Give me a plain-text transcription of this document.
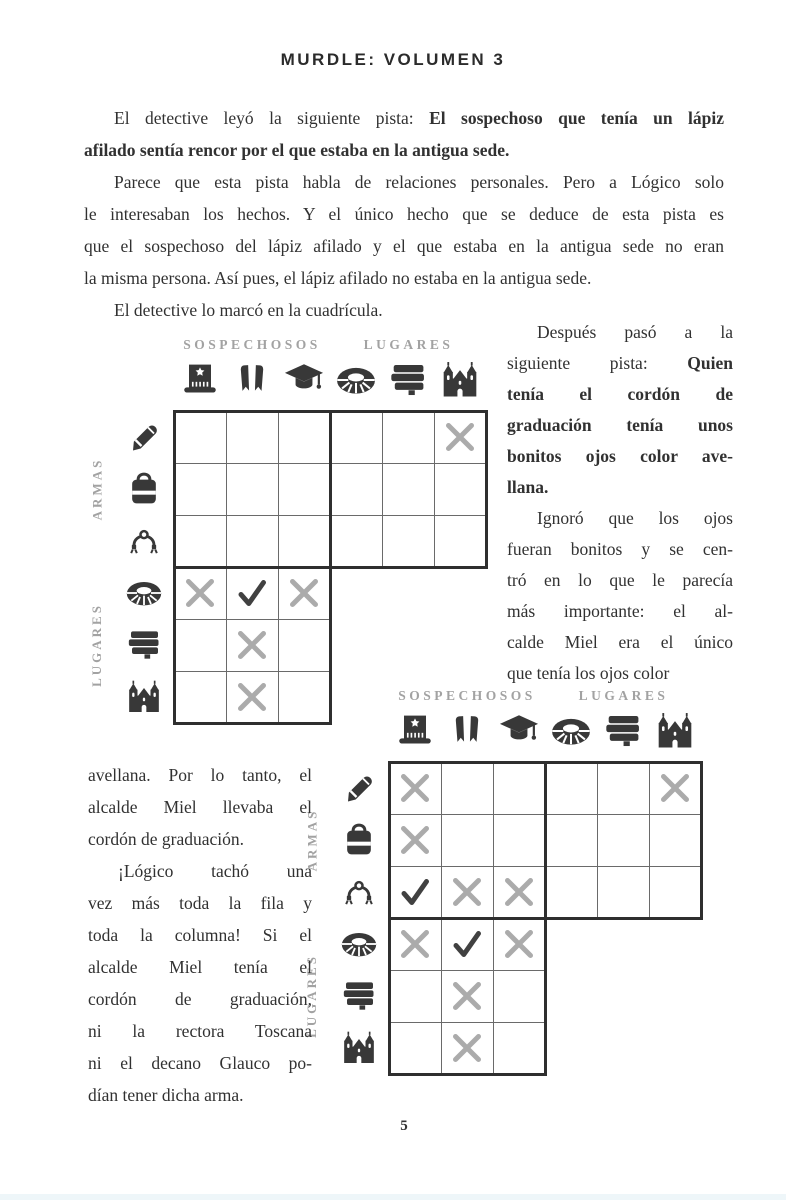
MURDLE: VOLUMEN 3
El detective leyó la siguiente pista: El sospechoso que tenía un lápiz
afilado sentía rencor por el que estaba en la antigua sede.
Parece que esta pista habla de relaciones personales. Pero a Lógico solo
le interesaban los hechos. Y el único hecho que se deduce de esta pista es
que el sospechoso del lápiz afilado y el que estaba en la antigua sede no eran
la misma persona. Así pues, el lápiz afilado no estaba en la antigua sede.
El detective lo marcó en la cuadrícula.
SOSPECHOSOS	LUGARES
ARMAS
LUGARES
Después pasó a la
siguiente pista: Quien
tenía el cordón de
graduación tenía unos
bonitos ojos color ave-
llana.
Ignoró que los ojos
fueran bonitos y se cen-
tró en lo que le parecía
más importante: el al-
calde Miel era el único
que tenía los ojos color
SOSPECHOSOS	LUGARES
ARMAS
LUGARES
avellana. Por lo tanto, el
alcalde Miel llevaba el
cordón de graduación.
¡Lógico tachó una
vez más toda la fila y
toda la columna! Si el
alcalde Miel tenía el
cordón de graduación,
ni la rectora Toscana
ni el decano Glauco po-
dían tener dicha arma.
5
